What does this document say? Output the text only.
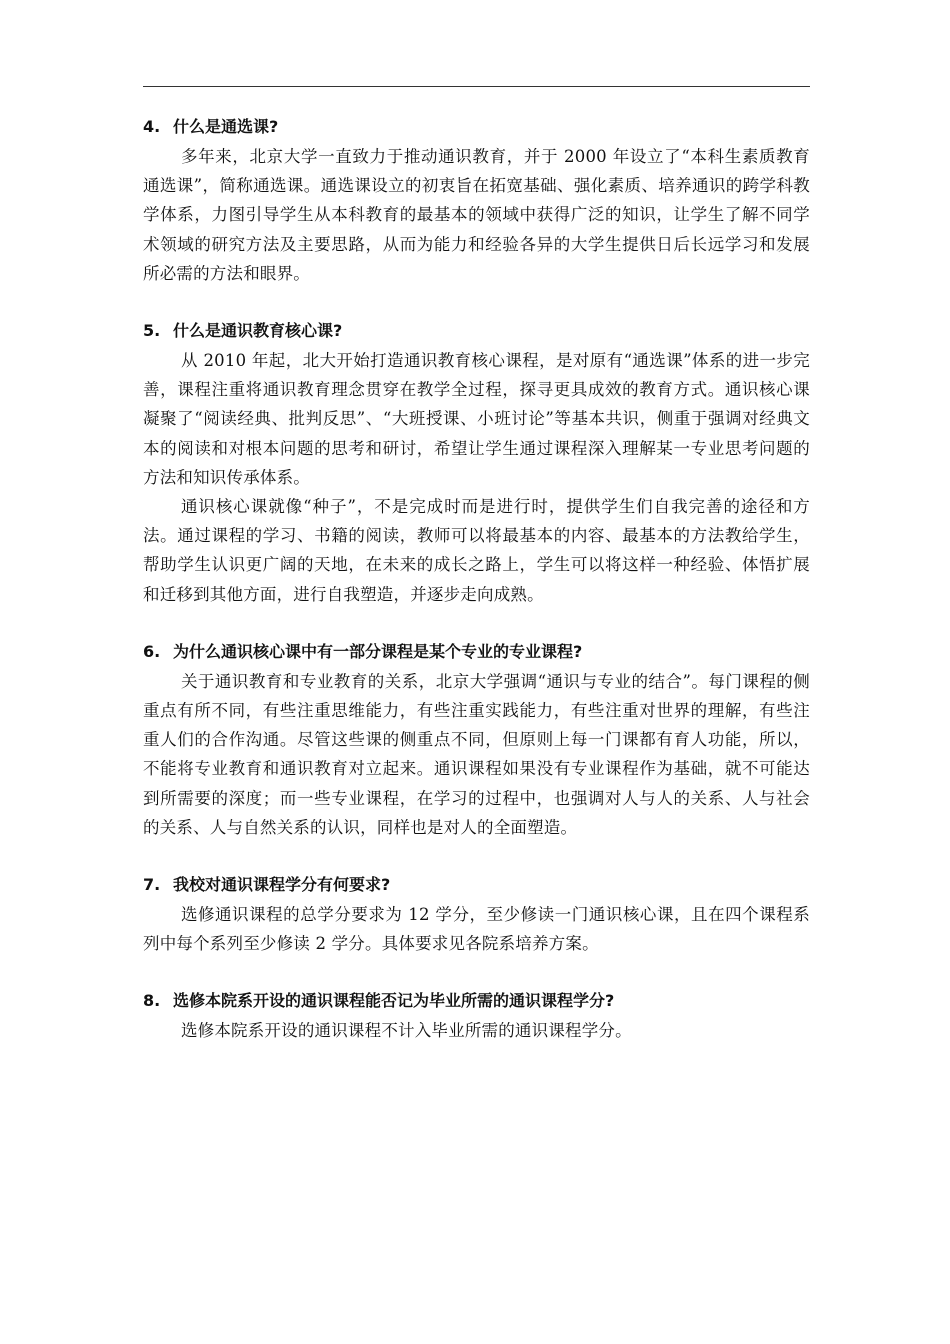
4. 什么是通选课?

多年来，北京大学一直致力于推动通识教育，并于 2000 年设立了“本科生素质教育通选课”，简称通选课。通选课设立的初衷旨在拓宽基础、强化素质、培养通识的跨学科教学体系，力图引导学生从本科教育的最基本的领域中获得广泛的知识，让学生了解不同学术领域的研究方法及主要思路，从而为能力和经验各异的大学生提供日后长远学习和发展所必需的方法和眼界。

5. 什么是通识教育核心课?

从 2010 年起，北大开始打造通识教育核心课程，是对原有“通选课”体系的进一步完善，课程注重将通识教育理念贯穿在教学全过程，探寻更具成效的教育方式。通识核心课凝聚了“阅读经典、批判反思”、“大班授课、小班讨论”等基本共识，侧重于强调对经典文本的阅读和对根本问题的思考和研讨，希望让学生通过课程深入理解某一专业思考问题的方法和知识传承体系。

通识核心课就像“种子”，不是完成时而是进行时，提供学生们自我完善的途径和方法。通过课程的学习、书籍的阅读，教师可以将最基本的内容、最基本的方法教给学生，帮助学生认识更广阔的天地，在未来的成长之路上，学生可以将这样一种经验、体悟扩展和迁移到其他方面，进行自我塑造，并逐步走向成熟。

6. 为什么通识核心课中有一部分课程是某个专业的专业课程?

关于通识教育和专业教育的关系，北京大学强调“通识与专业的结合”。每门课程的侧重点有所不同，有些注重思维能力，有些注重实践能力，有些注重对世界的理解，有些注重人们的合作沟通。尽管这些课的侧重点不同，但原则上每一门课都有育人功能，所以，不能将专业教育和通识教育对立起来。通识课程如果没有专业课程作为基础，就不可能达到所需要的深度；而一些专业课程，在学习的过程中，也强调对人与人的关系、人与社会的关系、人与自然关系的认识，同样也是对人的全面塑造。

7. 我校对通识课程学分有何要求?

选修通识课程的总学分要求为 12 学分，至少修读一门通识核心课，且在四个课程系列中每个系列至少修读 2 学分。具体要求见各院系培养方案。

8. 选修本院系开设的通识课程能否记为毕业所需的通识课程学分?

选修本院系开设的通识课程不计入毕业所需的通识课程学分。
